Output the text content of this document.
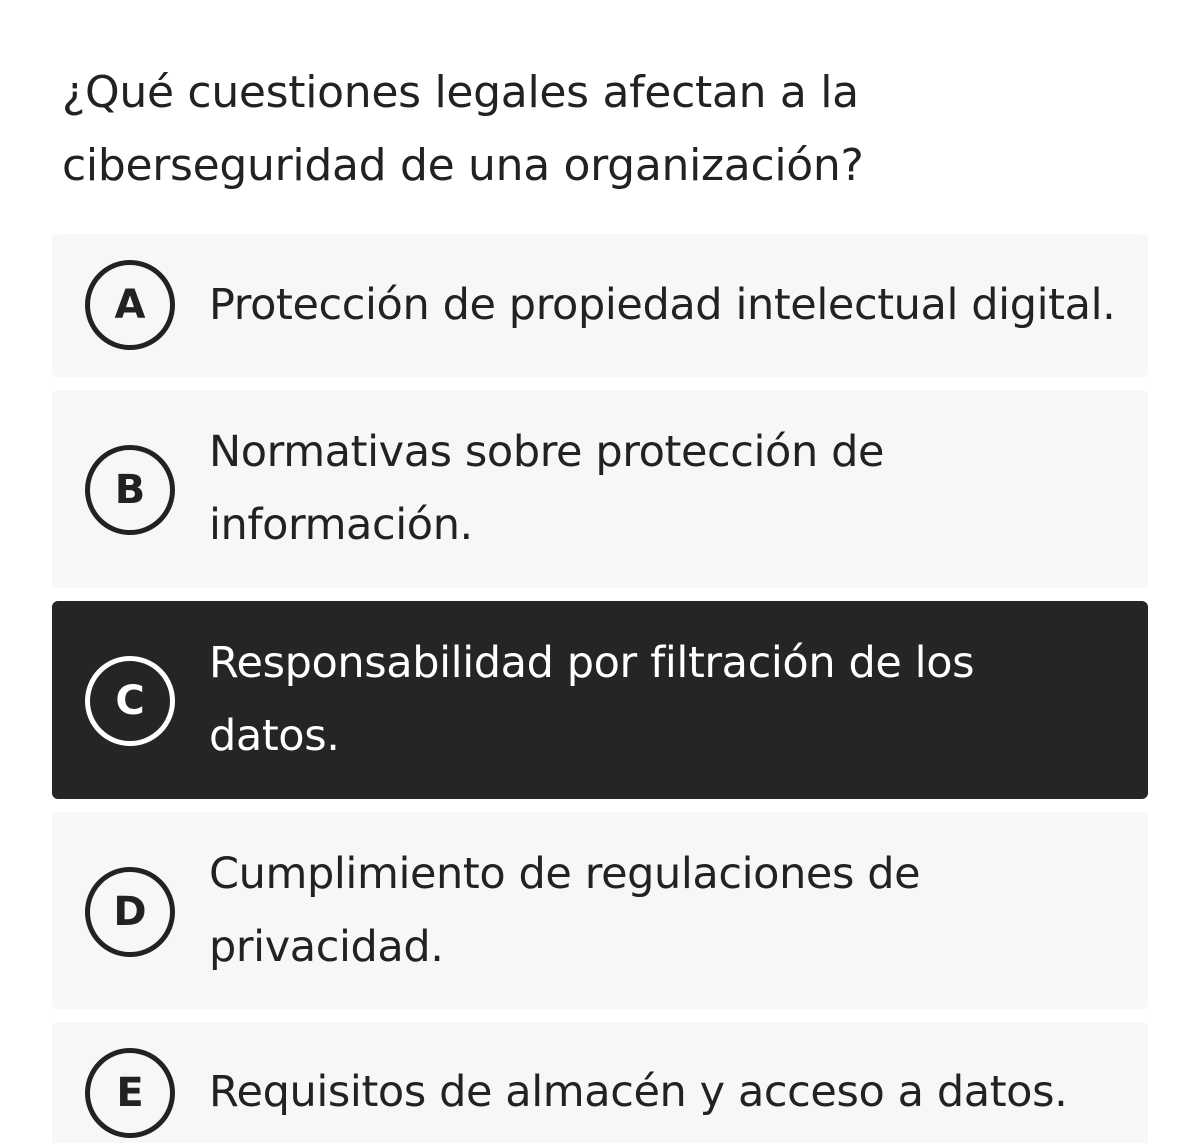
¿Qué cuestiones legales afectan a la ciberseguridad de una organización?
A Protección de propiedad intelectual digital.
B
Normativas sobre protección de información.
C
Responsabilidad por filtración de los datos.
D
Cumplimiento de regulaciones de privacidad.
E Requisitos de almacén y acceso a datos.
